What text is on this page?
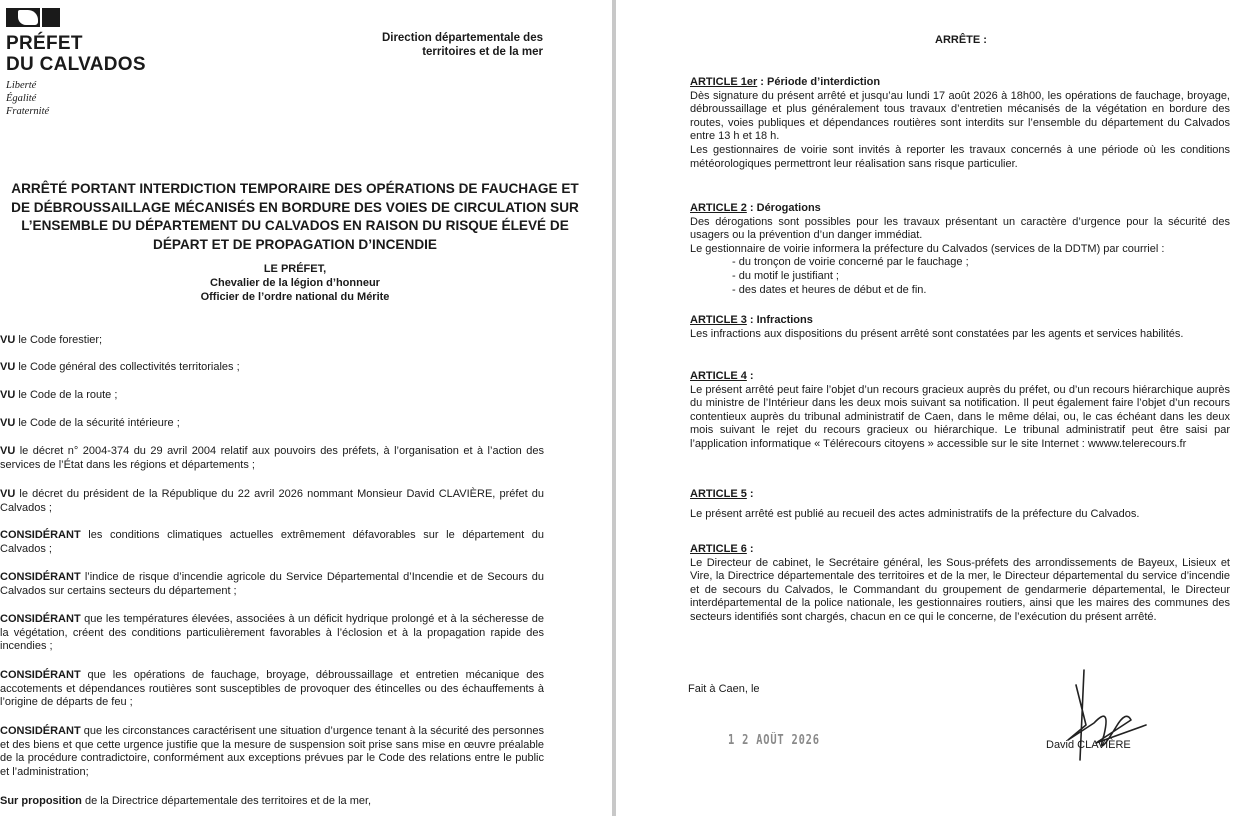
PRÉFET
DU CALVADOS
Liberté
Égalité
Fraternité
Direction départementale des territoires et de la mer
ARRÊTÉ PORTANT INTERDICTION TEMPORAIRE DES OPÉRATIONS DE FAUCHAGE ET DE DÉBROUSSAILLAGE MÉCANISÉS EN BORDURE DES VOIES DE CIRCULATION SUR L’ENSEMBLE DU DÉPARTEMENT DU CALVADOS EN RAISON DU RISQUE ÉLEVÉ DE DÉPART ET DE PROPAGATION D’INCENDIE
LE PRÉFET,
Chevalier de la légion d’honneur
Officier de l’ordre national du Mérite
VU le Code forestier;
VU le Code général des collectivités territoriales ;
VU le Code de la route ;
VU le Code de la sécurité intérieure ;
VU le décret n° 2004-374 du 29 avril 2004 relatif aux pouvoirs des préfets, à l’organisation et à l’action des services de l’État dans les régions et départements ;
VU le décret du président de la République du 22 avril 2026 nommant Monsieur David CLAVIÈRE, préfet du Calvados ;
CONSIDÉRANT les conditions climatiques actuelles extrêmement défavorables sur le département du Calvados ;
CONSIDÉRANT l’indice de risque d’incendie agricole du Service Départemental d’Incendie et de Secours du Calvados sur certains secteurs du département ;
CONSIDÉRANT que les températures élevées, associées à un déficit hydrique prolongé et à la sécheresse de la végétation, créent des conditions particulièrement favorables à l’éclosion et à la propagation rapide des incendies ;
CONSIDÉRANT que les opérations de fauchage, broyage, débroussaillage et entretien mécanique des accotements et dépendances routières sont susceptibles de provoquer des étincelles ou des échauffements à l’origine de départs de feu ;
CONSIDÉRANT que les circonstances caractérisent une situation d’urgence tenant à la sécurité des personnes et des biens et que cette urgence justifie que la mesure de suspension soit prise sans mise en œuvre préalable de la procédure contradictoire, conformément aux exceptions prévues par le Code des relations entre le public et l’administration;
Sur proposition de la Directrice départementale des territoires et de la mer,
ARRÊTE :
ARTICLE 1er : Période d’interdiction
Dès signature du présent arrêté et jusqu’au lundi 17 août 2026 à 18h00, les opérations de fauchage, broyage, débroussaillage et plus généralement tous travaux d’entretien mécanisés de la végétation en bordure des routes, voies publiques et dépendances routières sont interdits sur l’ensemble du département du Calvados entre 13 h et 18 h.
Les gestionnaires de voirie sont invités à reporter les travaux concernés à une période où les conditions météorologiques permettront leur réalisation sans risque particulier.
ARTICLE 2 : Dérogations
Des dérogations sont possibles pour les travaux présentant un caractère d’urgence pour la sécurité des usagers ou la prévention d’un danger immédiat.
Le gestionnaire de voirie informera la préfecture du Calvados (services de la DDTM) par courriel :
- du tronçon de voirie concerné par le fauchage ;
- du motif le justifiant ;
- des dates et heures de début et de fin.
ARTICLE 3 : Infractions
Les infractions aux dispositions du présent arrêté sont constatées par les agents et services habilités.
ARTICLE 4 :
Le présent arrêté peut faire l’objet d’un recours gracieux auprès du préfet, ou d’un recours hiérarchique auprès du ministre de l’Intérieur dans les deux mois suivant sa notification. Il peut également faire l’objet d’un recours contentieux auprès du tribunal administratif de Caen, dans le même délai, ou, le cas échéant dans les deux mois suivant le rejet du recours gracieux ou hiérarchique. Le tribunal administratif peut être saisi par l’application informatique « Télérecours citoyens » accessible sur le site Internet : wwww.telerecours.fr
ARTICLE 5 :
Le présent arrêté est publié au recueil des actes administratifs de la préfecture du Calvados.
ARTICLE 6 :
Le Directeur de cabinet, le Secrétaire général, les Sous-préfets des arrondissements de Bayeux, Lisieux et Vire, la Directrice départementale des territoires et de la mer, le Directeur départemental du service d’incendie et de secours du Calvados, le Commandant du groupement de gendarmerie départemental, le Directeur interdépartemental de la police nationale, les gestionnaires routiers, ainsi que les maires des communes des secteurs identifiés sont chargés, chacun en ce qui le concerne, de l’exécution du présent arrêté.
Fait à Caen, le
1 2 AOÛT 2026	David CLAVIÈRE
